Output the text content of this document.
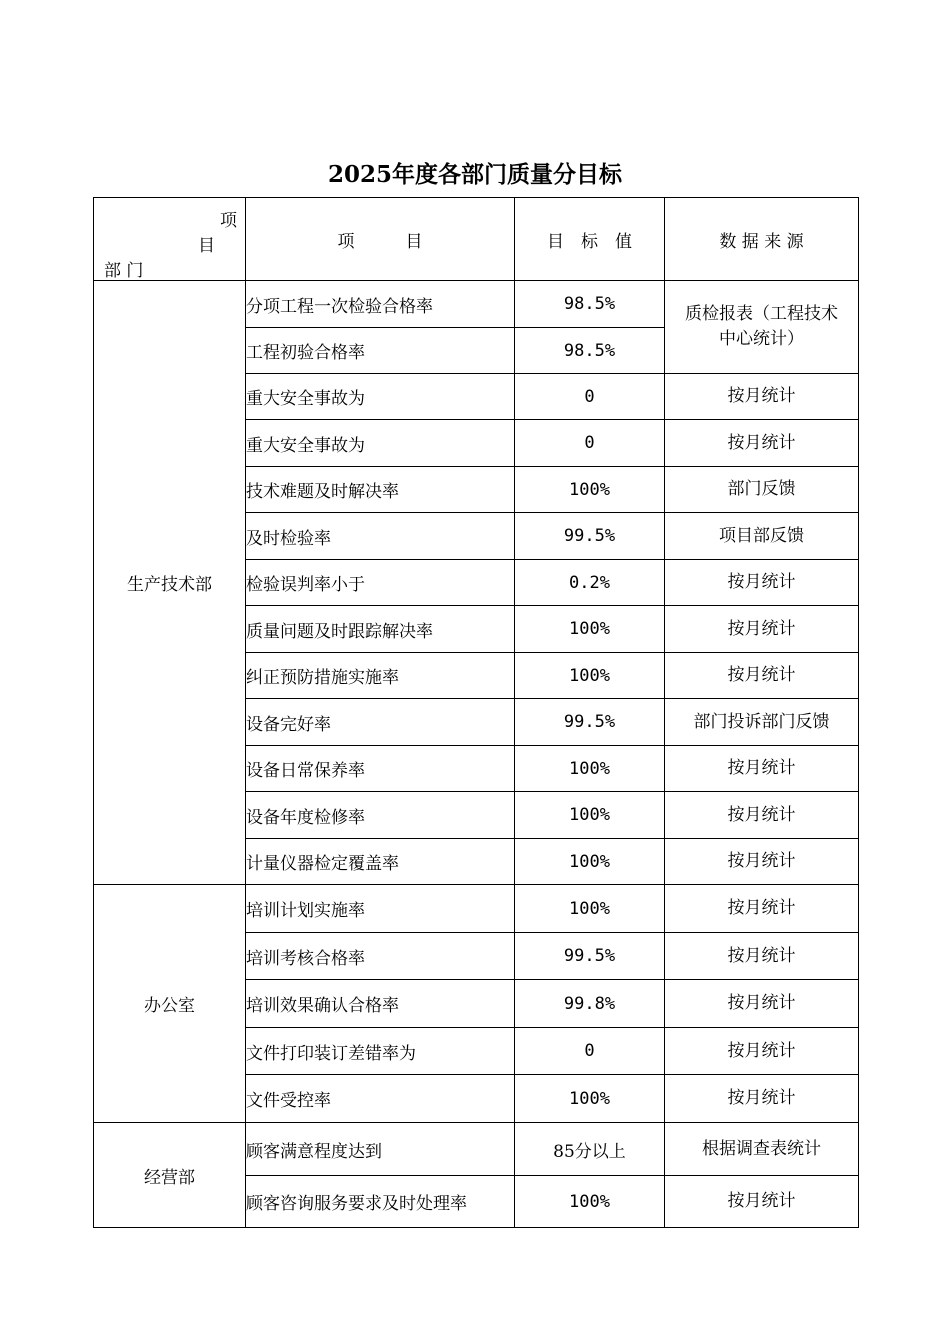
2025年度各部门质量分目标
项
目
部 门	项　　　目	目　标　值	数 据 来 源
生产技术部	分项工程一次检验合格率	98.5%	质检报表（工程技术
中心统计）
	工程初验合格率	98.5%	
	重大安全事故为	0	按月统计
	重大安全事故为	0	按月统计
	技术难题及时解决率	100%	部门反馈
	及时检验率	99.5%	项目部反馈
	检验误判率小于	0.2%	按月统计
	质量问题及时跟踪解决率	100%	按月统计
	纠正预防措施实施率	100%	按月统计
	设备完好率	99.5%	部门投诉部门反馈
	设备日常保养率	100%	按月统计
	设备年度检修率	100%	按月统计
	计量仪器检定覆盖率	100%	按月统计
办公室	培训计划实施率	100%	按月统计
	培训考核合格率	99.5%	按月统计
	培训效果确认合格率	99.8%	按月统计
	文件打印装订差错率为	0	按月统计
	文件受控率	100%	按月统计
经营部	顾客满意程度达到	85分以上	根据调查表统计
	顾客咨询服务要求及时处理率	100%	按月统计
